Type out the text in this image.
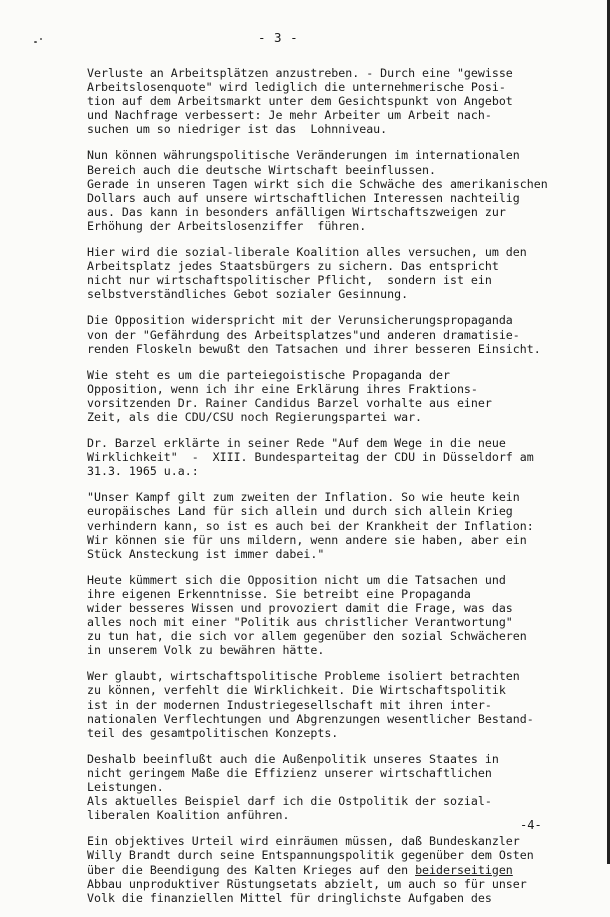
- 3 -

Verluste an Arbeitsplätzen anzustreben. - Durch eine "gewisse
Arbeitslosenquote" wird lediglich die unternehmerische Posi-
tion auf dem Arbeitsmarkt unter dem Gesichtspunkt von Angebot
und Nachfrage verbessert: Je mehr Arbeiter um Arbeit nach-
suchen um so niedriger ist das  Lohnniveau.

Nun können währungspolitische Veränderungen im internationalen
Bereich auch die deutsche Wirtschaft beeinflussen.
Gerade in unseren Tagen wirkt sich die Schwäche des amerikanischen
Dollars auch auf unsere wirtschaftlichen Interessen nachteilig
aus. Das kann in besonders anfälligen Wirtschaftszweigen zur
Erhöhung der Arbeitslosenziffer  führen.

Hier wird die sozial-liberale Koalition alles versuchen, um den
Arbeitsplatz jedes Staatsbürgers zu sichern. Das entspricht
nicht nur wirtschaftspolitischer Pflicht,  sondern ist ein
selbstverständliches Gebot sozialer Gesinnung.

Die Opposition widerspricht mit der Verunsicherungspropaganda
von der "Gefährdung des Arbeitsplatzes"und anderen dramatisie-
renden Floskeln bewußt den Tatsachen und ihrer besseren Einsicht.

Wie steht es um die parteiegoistische Propaganda der
Opposition, wenn ich ihr eine Erklärung ihres Fraktions-
vorsitzenden Dr. Rainer Candidus Barzel vorhalte aus einer
Zeit, als die CDU/CSU noch Regierungspartei war.

Dr. Barzel erklärte in seiner Rede "Auf dem Wege in die neue
Wirklichkeit"  -  XIII. Bundesparteitag der CDU in Düsseldorf am
31.3. 1965 u.a.:

"Unser Kampf gilt zum zweiten der Inflation. So wie heute kein
europäisches Land für sich allein und durch sich allein Krieg
verhindern kann, so ist es auch bei der Krankheit der Inflation:
Wir können sie für uns mildern, wenn andere sie haben, aber ein
Stück Ansteckung ist immer dabei."

Heute kümmert sich die Opposition nicht um die Tatsachen und
ihre eigenen Erkenntnisse. Sie betreibt eine Propaganda
wider besseres Wissen und provoziert damit die Frage, was das
alles noch mit einer "Politik aus christlicher Verantwortung"
zu tun hat, die sich vor allem gegenüber den sozial Schwächeren
in unserem Volk zu bewähren hätte.

Wer glaubt, wirtschaftspolitische Probleme isoliert betrachten
zu können, verfehlt die Wirklichkeit. Die Wirtschaftspolitik
ist in der modernen Industriegesellschaft mit ihren inter-
nationalen Verflechtungen und Abgrenzungen wesentlicher Bestand-
teil des gesamtpolitischen Konzepts.

Deshalb beeinflußt auch die Außenpolitik unseres Staates in
nicht geringem Maße die Effizienz unserer wirtschaftlichen
Leistungen.
Als aktuelles Beispiel darf ich die Ostpolitik der sozial-
liberalen Koalition anführen.

Ein objektives Urteil wird einräumen müssen, daß Bundeskanzler
Willy Brandt durch seine Entspannungspolitik gegenüber dem Osten
über die Beendigung des Kalten Krieges auf den beiderseitigen
Abbau unproduktiver Rüstungsetats abzielt, um auch so für unser
Volk die finanziellen Mittel für dringlichste Aufgaben des

-4-
